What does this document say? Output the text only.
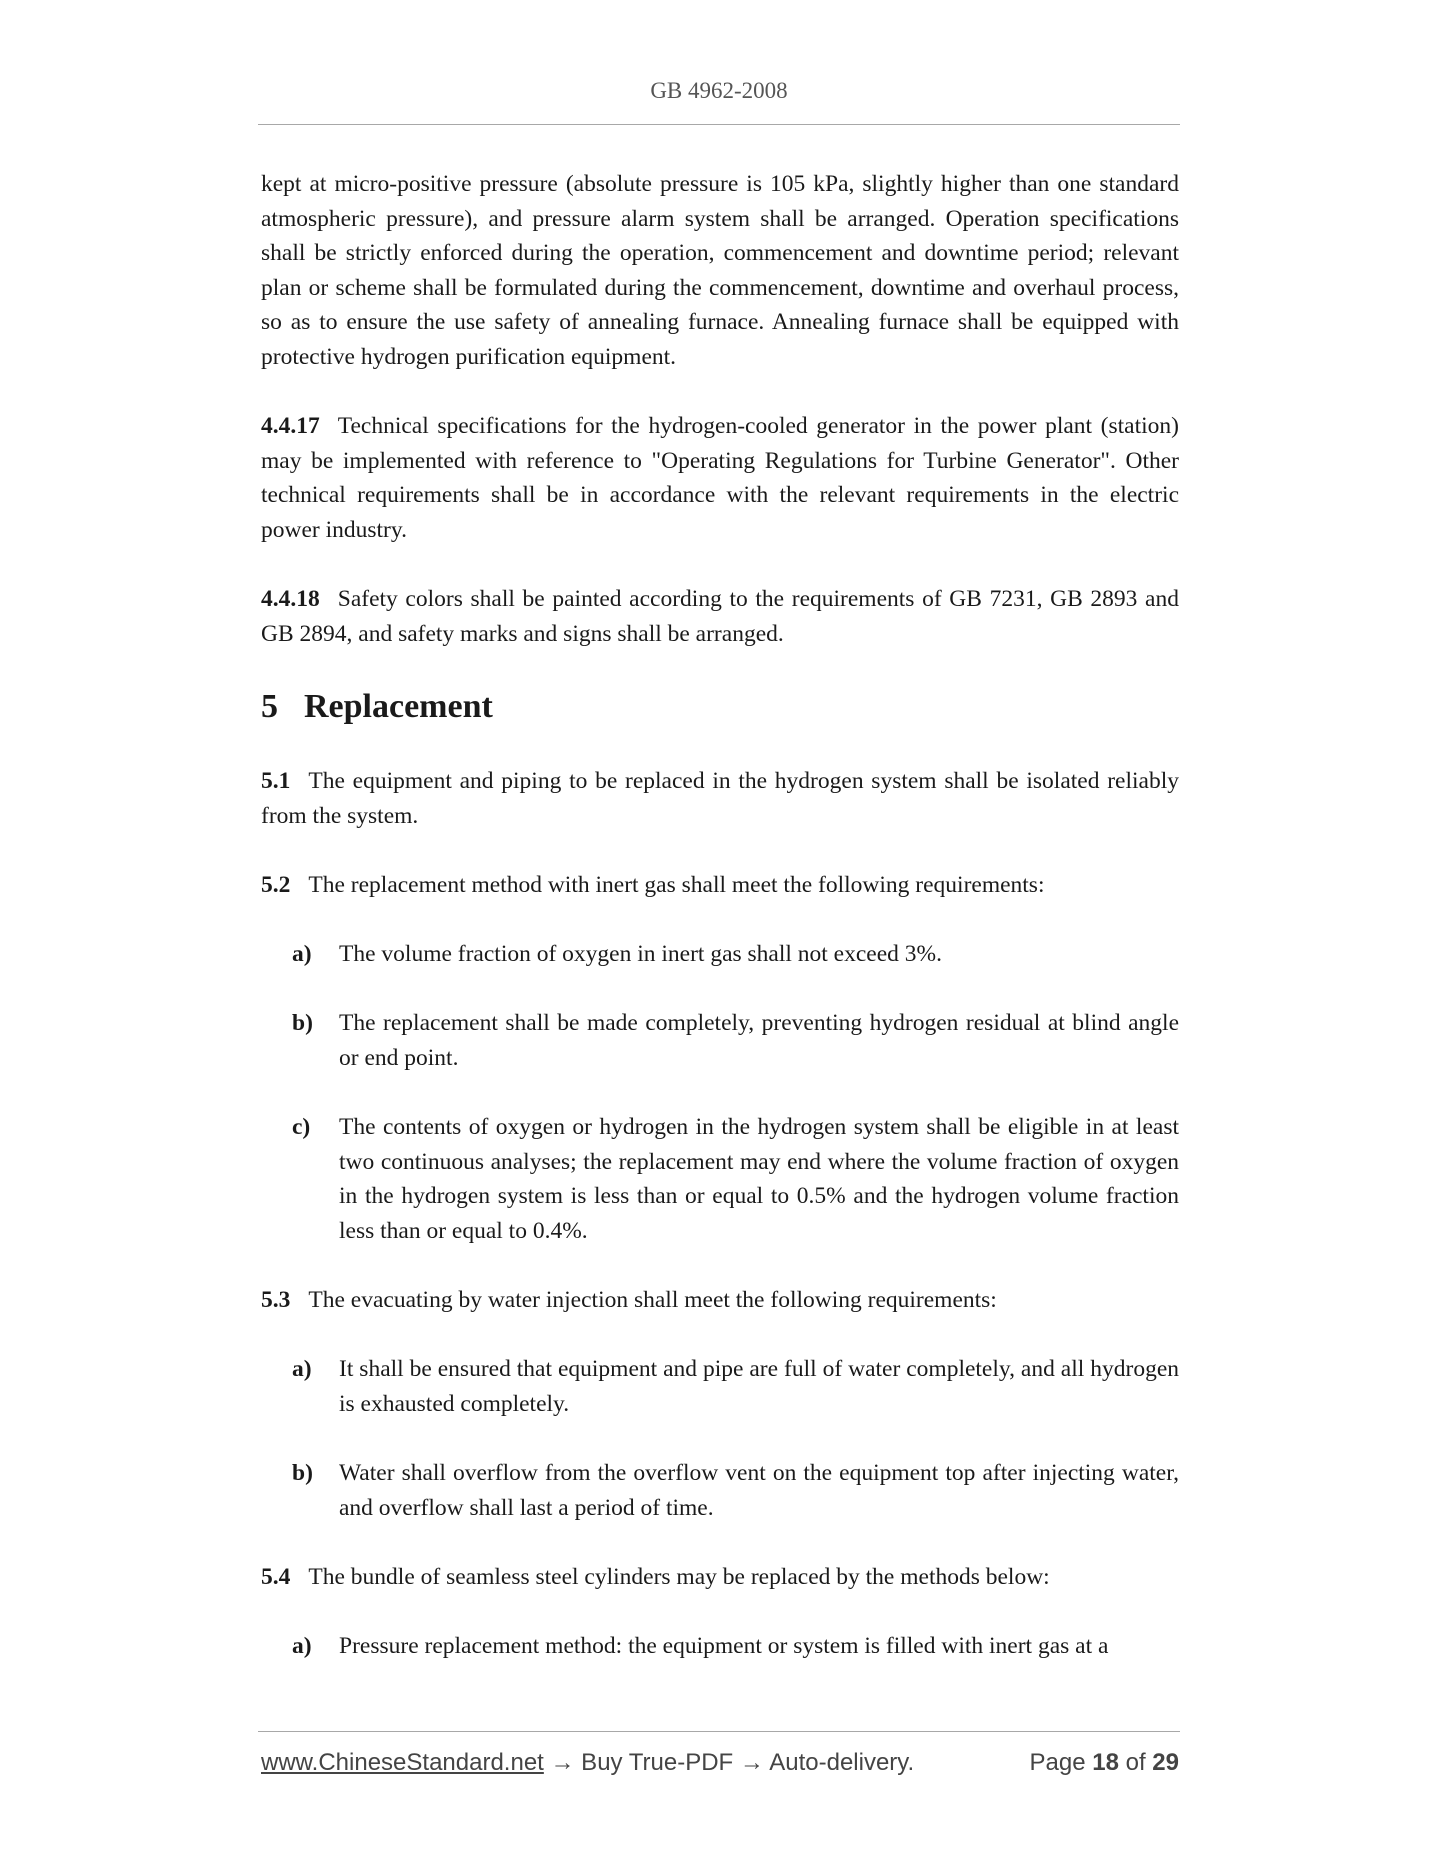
GB 4962-2008

kept at micro-positive pressure (absolute pressure is 105 kPa, slightly higher than one standard atmospheric pressure), and pressure alarm system shall be arranged. Operation specifications shall be strictly enforced during the operation, commencement and downtime period; relevant plan or scheme shall be formulated during the commencement, downtime and overhaul process, so as to ensure the use safety of annealing furnace. Annealing furnace shall be equipped with protective hydrogen purification equipment.

4.4.17 Technical specifications for the hydrogen-cooled generator in the power plant (station) may be implemented with reference to "Operating Regulations for Turbine Generator". Other technical requirements shall be in accordance with the relevant requirements in the electric power industry.

4.4.18 Safety colors shall be painted according to the requirements of GB 7231, GB 2893 and GB 2894, and safety marks and signs shall be arranged.

5 Replacement

5.1 The equipment and piping to be replaced in the hydrogen system shall be isolated reliably from the system.

5.2 The replacement method with inert gas shall meet the following requirements:

a) The volume fraction of oxygen in inert gas shall not exceed 3%.

b) The replacement shall be made completely, preventing hydrogen residual at blind angle or end point.

c) The contents of oxygen or hydrogen in the hydrogen system shall be eligible in at least two continuous analyses; the replacement may end where the volume fraction of oxygen in the hydrogen system is less than or equal to 0.5% and the hydrogen volume fraction less than or equal to 0.4%.

5.3 The evacuating by water injection shall meet the following requirements:

a) It shall be ensured that equipment and pipe are full of water completely, and all hydrogen is exhausted completely.

b) Water shall overflow from the overflow vent on the equipment top after injecting water, and overflow shall last a period of time.

5.4 The bundle of seamless steel cylinders may be replaced by the methods below:

a) Pressure replacement method: the equipment or system is filled with inert gas at a

www.ChineseStandard.net → Buy True-PDF → Auto-delivery.	Page 18 of 29
